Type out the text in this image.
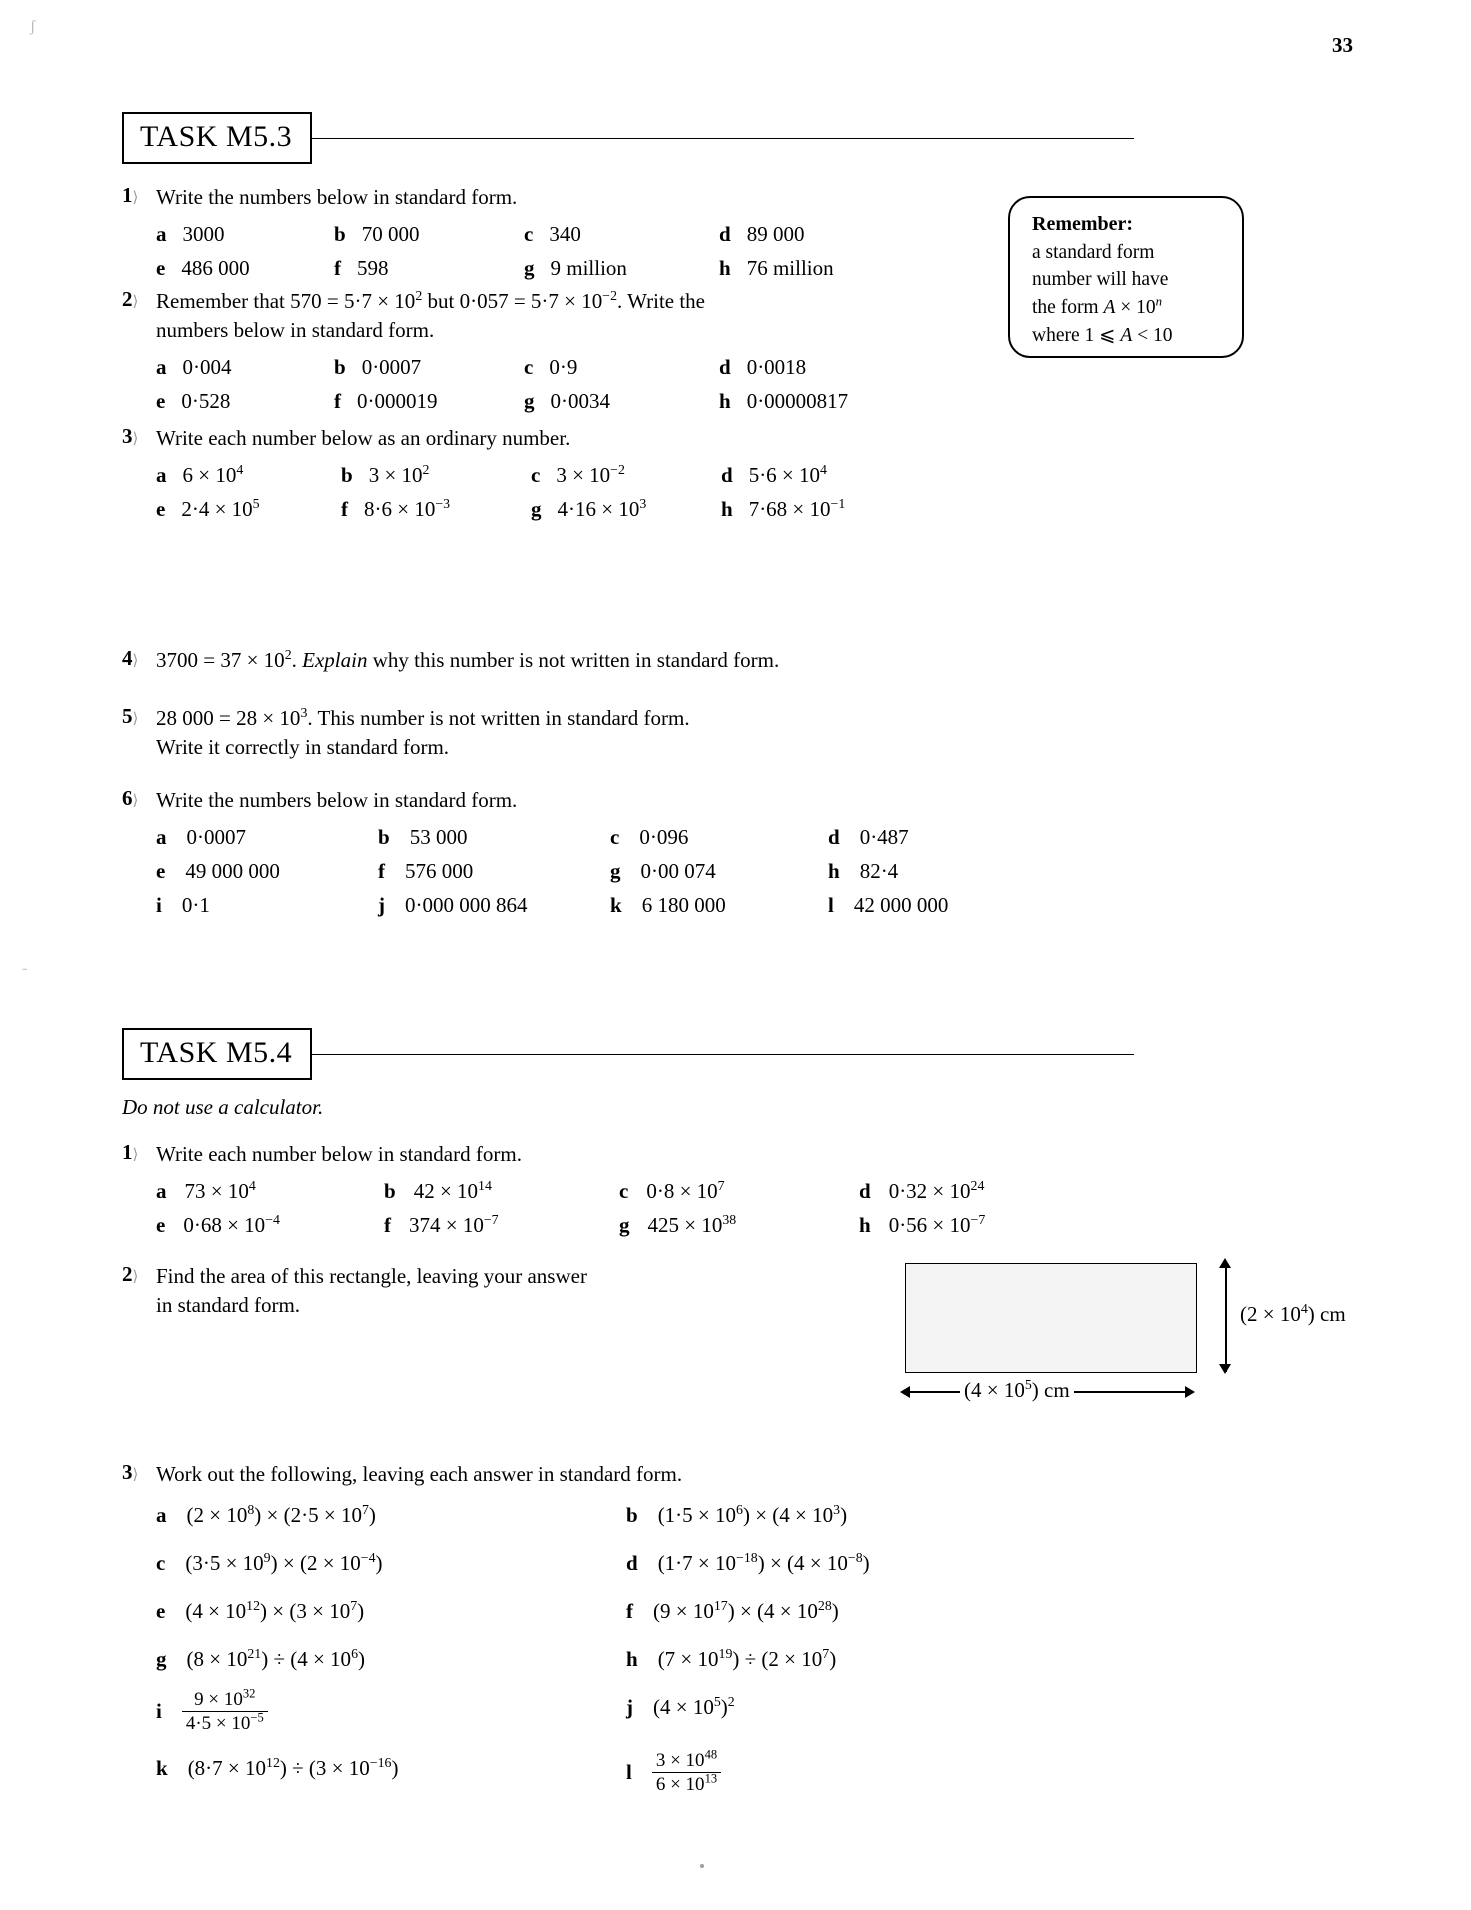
ʃ
-
33
TASK M5.3
1⟩ Write the numbers below in standard form.
a 3000	b 70 000	c 340	d 89 000
e 486 000	f 598	g 9 million	h 76 million
Remember:
a standard form
number will have
the form $A \times 10^n$
where 1 ⩽ A < 10
2⟩ Remember that $570 = 5\cdot 7 \times 10^2$ but $0\cdot 057 = 5\cdot 7 \times 10^{-2}$. Write the
numbers below in standard form.
a 0·004	b 0·0007	c 0·9	d 0·0018
e 0·528	f 0·000019	g 0·0034	h 0·00000817
3⟩ Write each number below as an ordinary number.
a $6 \times 10^4$	b $3 \times 10^2$	c $3 \times 10^{-2}$	d $5\cdot 6 \times 10^4$
e $2\cdot 4 \times 10^5$	f $8\cdot 6 \times 10^{-3}$	g $4\cdot 16 \times 10^3$	h $7\cdot 68 \times 10^{-1}$
4⟩ $3700 = 37 \times 10^2$. Explain why this number is not written in standard form.
5⟩ 28 $000 = 28 \times 10^3$. This number is not written in standard form.
Write it correctly in standard form.
6⟩ Write the numbers below in standard form.
a 0·0007	b 53 000	c 0·096	d 0·487
e 49 000 000	f 576 000	g 0·00 074	h 82·4
i 0·1	j 0·000 000 864	k 6 180 000	l 42 000 000
TASK M5.4
Do not use a calculator.
1⟩ Write each number below in standard form.
a $73 \times 10^4$	b $42 \times 10^{14}$	c $0\cdot 8 \times 10^7$	d $0\cdot 32 \times 10^{24}$
e $0\cdot 68 \times 10^{-4}$	f $374 \times 10^{-7}$	g $425 \times 10^{38}$	h $0\cdot 56 \times 10^{-7}$
2⟩ Find the area of this rectangle, leaving your answer
in standard form.	$(2 \times 10^4)$ cm
$(4 \times 10^5)$ cm
3⟩ Work out the following, leaving each answer in standard form.
a $(2 \times 10^8) \times (2\cdot 5 \times 10^7)$	b $(1\cdot 5 \times 10^6) \times (4 \times 10^3)$
c $(3\cdot 5 \times 10^9) \times (2 \times 10^{-4})$	d $(1\cdot 7 \times 10^{-18}) \times (4 \times 10^{-8})$
e $(4 \times 10^{12}) \times (3 \times 10^7)$	f $(9 \times 10^{17}) \times (4 \times 10^{28})$
g $(8 \times 10^{21}) \div (4 \times 10^6)$	h $(7 \times 10^{19}) \div (2 \times 10^7)$
i $\frac{9 \times 10^{32}}{4\cdot 5 \times 10^{-5}}$	j $(4 \times 10^5)^2$
k $(8\cdot 7 \times 10^{12}) \div (3 \times 10^{-16})$	l $\frac{3 \times 10^{48}}{6 \times 10^{13}}$
